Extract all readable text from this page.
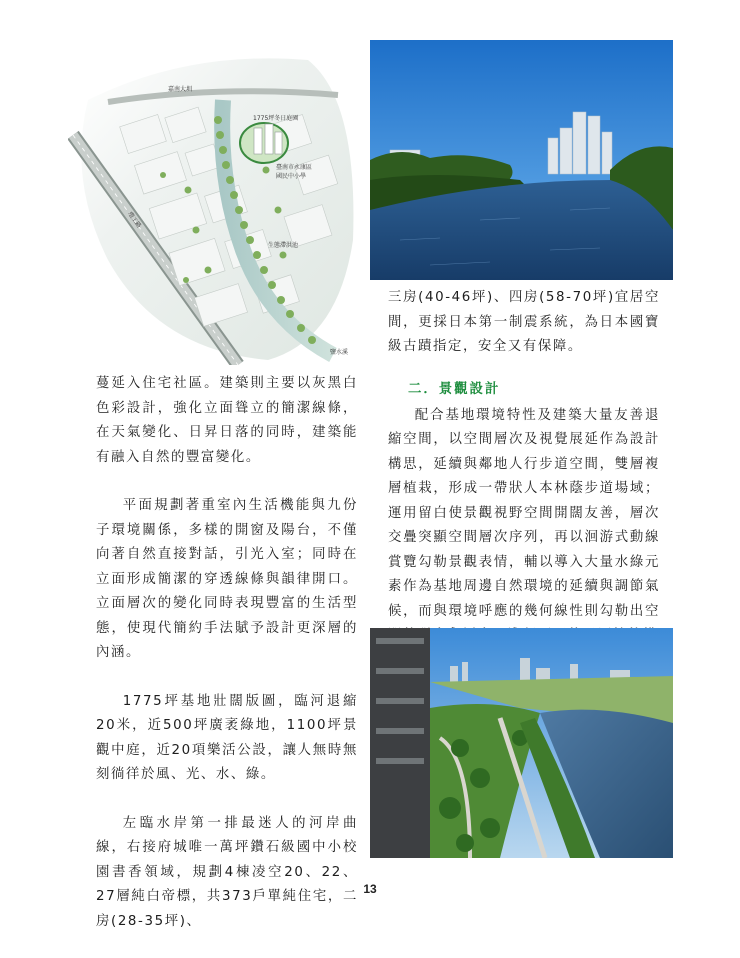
嘉南大圳
1775坪冬日庭園
臺南市永康區
國民中小學
生態滯洪池
環工路
鹽水溪

三房(40-46坪)、四房(58-70坪)宜居空間，更採日本第一制震系統，為日本國寶級古蹟指定，安全又有保障。

蔓延入住宅社區。建築則主要以灰黑白色彩設計，強化立面聳立的簡潔線條，在天氣變化、日昇日落的同時，建築能有融入自然的豐富變化。

平面規劃著重室內生活機能與九份子環境關係，多樣的開窗及陽台，不僅向著自然直接對話，引光入室；同時在立面形成簡潔的穿透線條與韻律開口。立面層次的變化同時表現豐富的生活型態，使現代簡約手法賦予設計更深層的內涵。

1775坪基地壯闊版圖，臨河退縮20米，近500坪廣袤綠地，1100坪景觀中庭，近20項樂活公設，讓人無時無刻徜徉於風、光、水、綠。

左臨水岸第一排最迷人的河岸曲線，右接府城唯一萬坪鑽石級國中小校園書香領域，規劃4棟凌空20、22、27層純白帝標，共373戶單純住宅，二房(28-35坪)、

二．景觀設計

配合基地環境特性及建築大量友善退縮空間，以空間層次及視覺展延作為設計構思，延續與鄰地人行步道空間，雙層複層植栽，形成一帶狀人本林蔭步道場域；運用留白使景觀視野空間開闊友善，層次交疊突顯空間層次序列，再以洄游式動線賞覽勾勒景觀表情，輔以導入大量水綠元素作為基地周邊自然環境的延續與調節氣候，而與環境呼應的幾何線性則勾勒出空

13
